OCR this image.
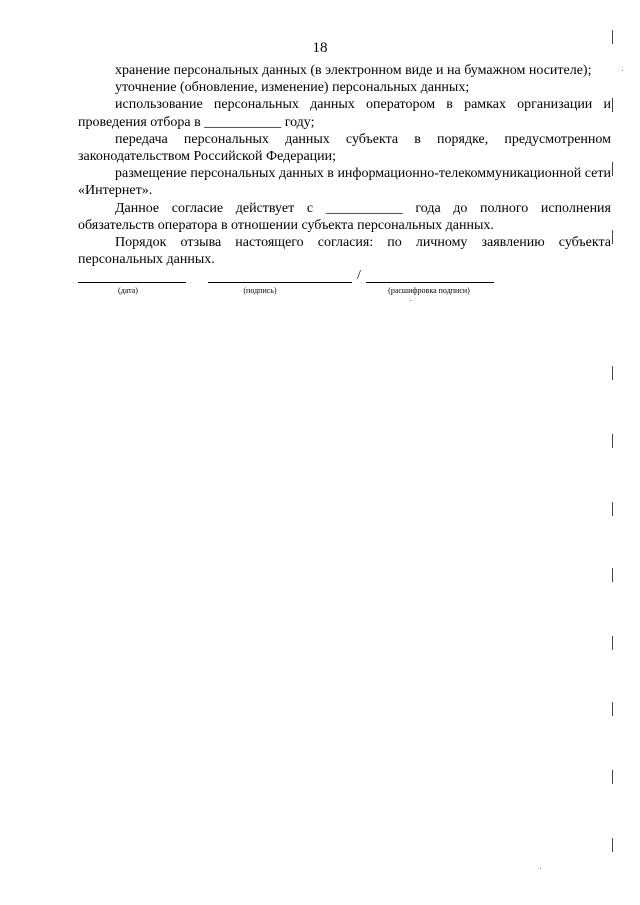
18

хранение персональных данных (в электронном виде и на бумажном носителе);

уточнение (обновление, изменение) персональных данных;

использование персональных данных оператором в рамках организации и проведения отбора в ___________ году;

передача персональных данных субъекта в порядке, предусмотренном законодательством Российской Федерации;

размещение персональных данных в информационно-телекоммуникационной сети «Интернет».

Данное согласие действует с ___________ года до полного исполнения обязательств оператора в отношении субъекта персональных данных.

Порядок отзыва настоящего согласия: по личному заявлению субъекта персональных данных.

/
(дата)	(подпись)	(расшифровка подписи)
